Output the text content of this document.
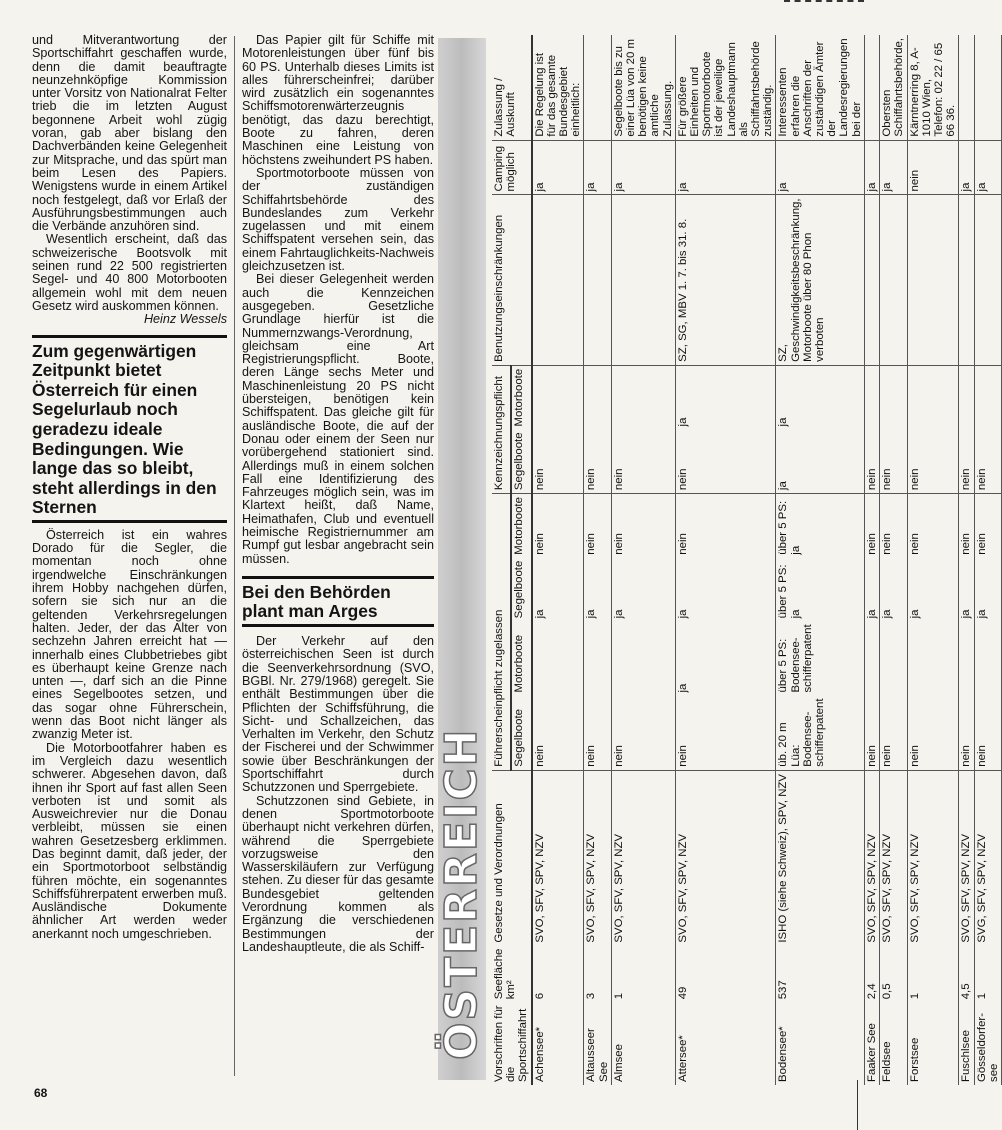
und Mitverantwortung der Sportschiffahrt geschaffen wurde, denn die damit beauftragte neunzehnköpfige Kommission unter Vorsitz von Nationalrat Felter trieb die im letzten August begonnene Arbeit wohl zügig voran, gab aber bislang den Dachverbänden keine Gelegenheit zur Mitsprache, und das spürt man beim Lesen des Papiers. Wenigstens wurde in einem Artikel noch festgelegt, daß vor Erlaß der Ausführungsbestimmungen auch die Verbände anzuhören sind.

Wesentlich erscheint, daß das schweizerische Bootsvolk mit seinen rund 22 500 registrierten Segel- und 40 800 Motorbooten allgemein wohl mit dem neuen Gesetz wird auskommen können.

Heinz Wessels

Zum gegenwärtigen Zeitpunkt bietet Österreich für einen Segelurlaub noch geradezu ideale Bedingungen. Wie lange das so bleibt, steht allerdings in den Sternen

Österreich ist ein wahres Dorado für die Segler, die momentan noch ohne irgendwelche Einschränkungen ihrem Hobby nachgehen dürfen, sofern sie sich nur an die geltenden Verkehrsregelungen halten. Jeder, der das Alter von sechzehn Jahren erreicht hat — innerhalb eines Clubbetriebes gibt es überhaupt keine Grenze nach unten —, darf sich an die Pinne eines Segelbootes setzen, und das sogar ohne Führerschein, wenn das Boot nicht länger als zwanzig Meter ist.

Die Motorbootfahrer haben es im Vergleich dazu wesentlich schwerer. Abgesehen davon, daß ihnen ihr Sport auf fast allen Seen verboten ist und somit als Ausweichrevier nur die Donau verbleibt, müssen sie einen wahren Gesetzesberg erklimmen. Das beginnt damit, daß jeder, der ein Sportmotorboot selbständig führen möchte, ein sogenanntes Schiffsführerpatent erwerben muß. Ausländische Dokumente ähnlicher Art werden weder anerkannt noch umgeschrieben.

Das Papier gilt für Schiffe mit Motorenleistungen über fünf bis 60 PS. Unterhalb dieses Limits ist alles führerscheinfrei; darüber wird zusätzlich ein sogenanntes Schiffsmotorenwärterzeugnis benötigt, das dazu berechtigt, Boote zu fahren, deren Maschinen eine Leistung von höchstens zweihundert PS haben.

Sportmotorboote müssen von der zuständigen Schiffahrtsbehörde des Bundeslandes zum Verkehr zugelassen und mit einem Schiffspatent versehen sein, das einem Fahrtauglichkeits-Nachweis gleichzusetzen ist.

Bei dieser Gelegenheit werden auch die Kennzeichen ausgegeben. Gesetzliche Grundlage hierfür ist die Nummernzwangs-Verordnung, gleichsam eine Art Registrierungspflicht. Boote, deren Länge sechs Meter und Maschinenleistung 20 PS nicht übersteigen, benötigen kein Schiffspatent. Das gleiche gilt für ausländische Boote, die auf der Donau oder einem der Seen nur vorübergehend stationiert sind. Allerdings muß in einem solchen Fall eine Identifizierung des Fahrzeuges möglich sein, was im Klartext heißt, daß Name, Heimathafen, Club und eventuell heimische Registriernummer am Rumpf gut lesbar angebracht sein müssen.

Bei den Behörden plant man Arges

Der Verkehr auf den österreichischen Seen ist durch die Seenverkehrsordnung (SVO, BGBl. Nr. 279/1968) geregelt. Sie enthält Bestimmungen über die Pflichten der Schiffsführung, die Sicht- und Schallzeichen, das Verhalten im Verkehr, den Schutz der Fischerei und der Schwimmer sowie über Beschränkungen der Sportschiffahrt durch Schutzzonen und Sperrgebiete.

Schutzzonen sind Gebiete, in denen Sportmotorboote überhaupt nicht verkehren dürfen, während die Sperrgebiete vorzugsweise den Wasserskiläufern zur Verfügung stehen. Zu dieser für das gesamte Bundesgebiet geltenden Verordnung kommen als Ergänzung die verschiedenen Bestimmungen der Landeshauptleute, die als Schiff- ÖSTERREICH Vorschriften für die Sportschiffahrt	Seefläche km²	Gesetze und Verordnungen	Führerscheinpflicht zugelassen				Kennzeichnungspflicht		Benutzungseinschränkungen	Camping möglich	Zulassung / Auskunft
			Segelboote	Motorboote	Segelboote	Motorboote	Segelboote	Motorboote			
Achensee*	6	SVO, SFV, SPV, NZV	nein		ja	nein	nein			ja	Die Regelung ist für das gesamte Bundesgebiet einheitlich:
Altausseer See	3	SVO, SFV, SPV, NZV	nein		ja	nein	nein			ja	
Almsee	1	SVO, SFV, SPV, NZV	nein		ja	nein	nein			ja	Segelboote bis zu einer Lüa von 20 m benötigen keine amtliche Zulassung.
Attersee*	49	SVO, SFV, SPV, NZV	nein	ja	ja	nein	nein	ja	SZ, SG, MBV 1. 7. bis 31. 8.	ja	Für größere Einheiten und Sportmotorboote ist der jeweilige Landeshauptmann als Schiffahrtsbehörde zuständig.
Bodensee*	537	ISHO (siehe Schweiz), SPV, NZV	üb. 20 m Lüa: Bodensee-schifferpatent	über 5 PS: Bodensee-schifferpatent	über 5 PS: ja	über 5 PS: ja	ja	ja	SZ, Geschwindigkeitsbeschränkung, Motorboote über 80 Phon verboten	ja	Interessenten erfahren die Anschriften der zuständigen Ämter der Landesregierungen bei der
Faaker See	2,4	SVO, SFV, SPV, NZV	nein		ja	nein	nein			ja	
Feldsee	0,5	SVO, SFV, SPV, NZV	nein		ja	nein	nein			ja	Obersten Schiffahrtsbehörde,
Forstsee	1	SVO, SFV, SPV, NZV	nein		ja	nein	nein			nein	Kärntnerring 8, A-1010 Wien, Telefon: 02 22 / 65 66 36.
Fuschlsee	4,5	SVO, SFV, SPV, NZV	nein		ja	nein	nein			ja	
Gösseldorfer-see	1	SVG, SFV, SPV, NZV	nein		ja	nein	nein			ja	
68
